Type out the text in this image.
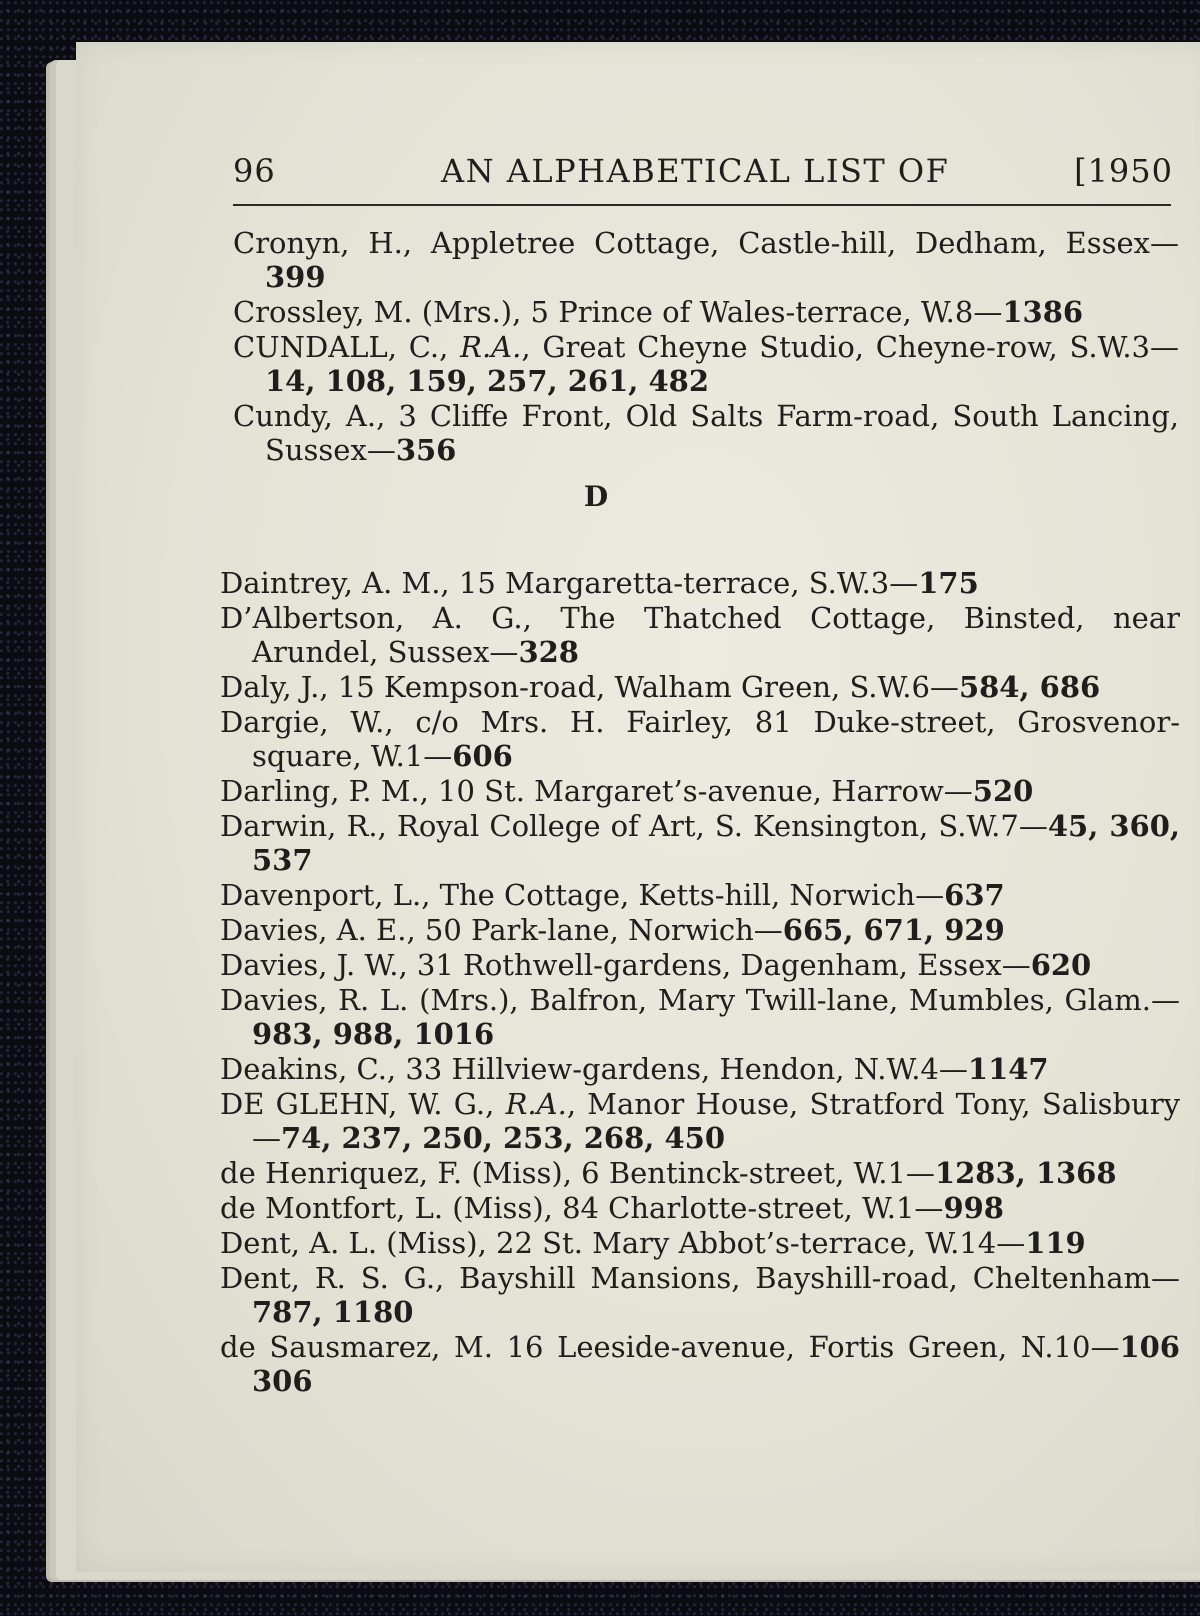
96	AN ALPHABETICAL LIST OF	[1950
Cronyn, H., Appletree Cottage, Castle-hill, Dedham, Essex—399
Crossley, M. (Mrs.), 5 Prince of Wales-terrace, W.8—1386
CUNDALL, C., R.A., Great Cheyne Studio, Cheyne-row, S.W.3—14, 108, 159, 257, 261, 482
Cundy, A., 3 Cliffe Front, Old Salts Farm-road, South Lancing, Sussex—356
D
Daintrey, A. M., 15 Margaretta-terrace, S.W.3—175
D’Albertson, A. G., The Thatched Cottage, Binsted, near Arundel, Sussex—328
Daly, J., 15 Kempson-road, Walham Green, S.W.6—584, 686
Dargie, W., c/o Mrs. H. Fairley, 81 Duke-street, Grosvenor-square, W.1—606
Darling, P. M., 10 St. Margaret’s-avenue, Harrow—520
Darwin, R., Royal College of Art, S. Kensington, S.W.7—45, 360, 537
Davenport, L., The Cottage, Ketts-hill, Norwich—637
Davies, A. E., 50 Park-lane, Norwich—665, 671, 929
Davies, J. W., 31 Rothwell-gardens, Dagenham, Essex—620
Davies, R. L. (Mrs.), Balfron, Mary Twill-lane, Mumbles, Glam.—983, 988, 1016
Deakins, C., 33 Hillview-gardens, Hendon, N.W.4—1147
DE GLEHN, W. G., R.A., Manor House, Stratford Tony, Salisbury—74, 237, 250, 253, 268, 450
de Henriquez, F. (Miss), 6 Bentinck-street, W.1—1283, 1368
de Montfort, L. (Miss), 84 Charlotte-street, W.1—998
Dent, A. L. (Miss), 22 St. Mary Abbot’s-terrace, W.14—119
Dent, R. S. G., Bayshill Mansions, Bayshill-road, Cheltenham—787, 1180
de Sausmarez, M. 16 Leeside-avenue, Fortis Green, N.10—106 306
